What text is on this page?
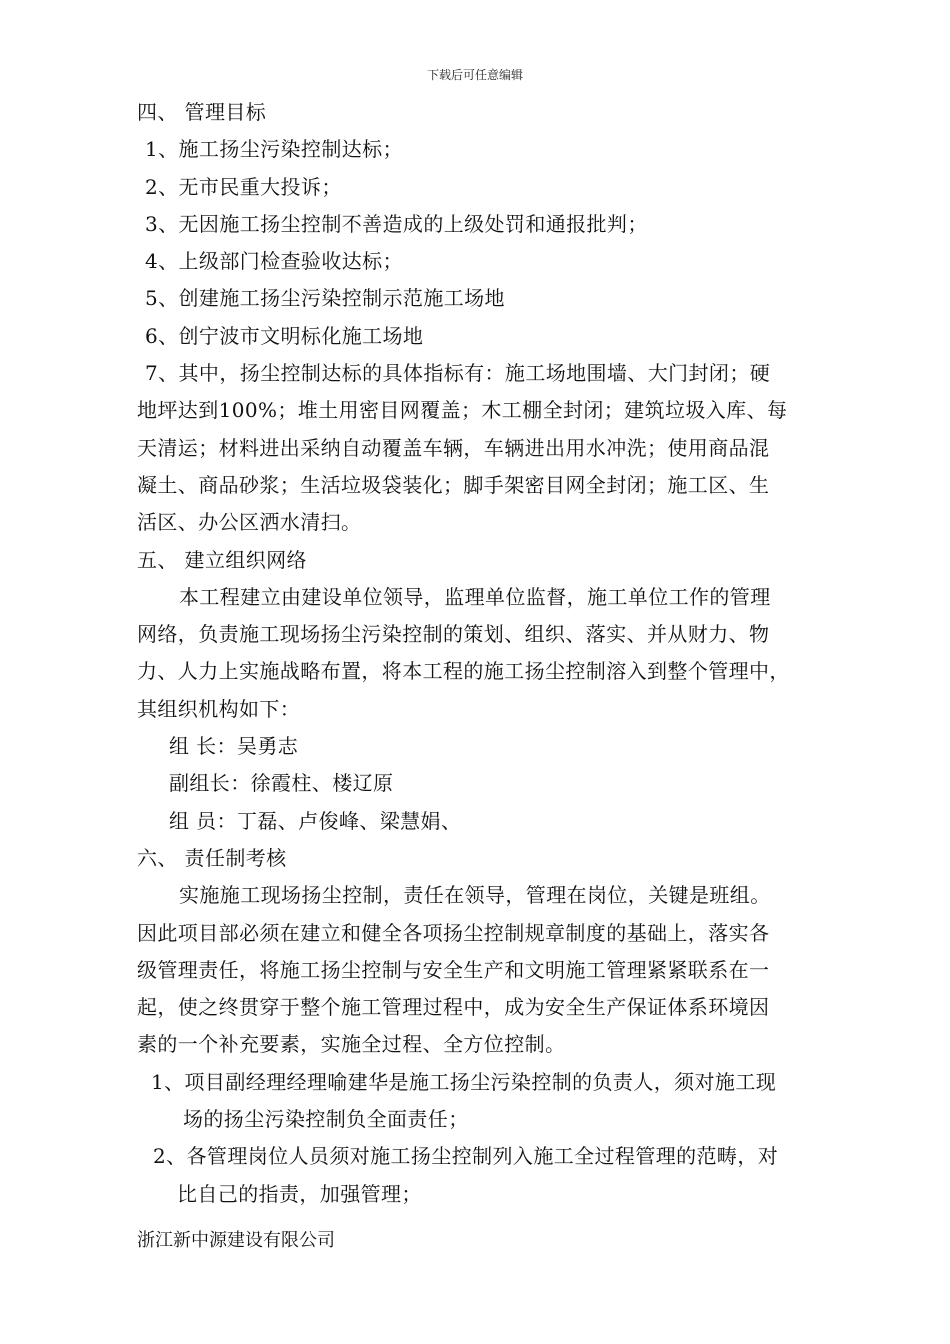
下载后可任意编辑
四、 管理目标
1、施工扬尘污染控制达标；
2、无市民重大投诉；
3、无因施工扬尘控制不善造成的上级处罚和通报批判；
4、上级部门检查验收达标；
5、创建施工扬尘污染控制示范施工场地
6、创宁波市文明标化施工场地
7、其中，扬尘控制达标的具体指标有：施工场地围墙、大门封闭；硬
地坪达到100%；堆土用密目网覆盖；木工棚全封闭；建筑垃圾入库、每
天清运；材料进出采纳自动覆盖车辆，车辆进出用水冲洗；使用商品混
凝土、商品砂浆；生活垃圾袋装化；脚手架密目网全封闭；施工区、生
活区、办公区洒水清扫。
五、 建立组织网络
本工程建立由建设单位领导，监理单位监督，施工单位工作的管理
网络，负责施工现场扬尘污染控制的策划、组织、落实、并从财力、物
力、人力上实施战略布置，将本工程的施工扬尘控制溶入到整个管理中，
其组织机构如下：
组 长：吴勇志
副组长：徐霞柱、楼辽原
组 员：丁磊、卢俊峰、梁慧娟、
六、 责任制考核
实施施工现场扬尘控制，责任在领导，管理在岗位，关键是班组。
因此项目部必须在建立和健全各项扬尘控制规章制度的基础上，落实各
级管理责任，将施工扬尘控制与安全生产和文明施工管理紧紧联系在一
起，使之终贯穿于整个施工管理过程中，成为安全生产保证体系环境因
素的一个补充要素，实施全过程、全方位控制。
1、项目副经理经理喻建华是施工扬尘污染控制的负责人，须对施工现
场的扬尘污染控制负全面责任；
2、各管理岗位人员须对施工扬尘控制列入施工全过程管理的范畴，对
比自己的指责，加强管理；
浙江新中源建设有限公司
